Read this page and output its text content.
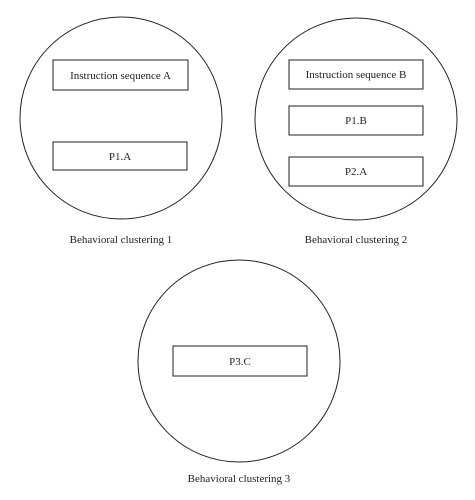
Instruction sequence A
P1.A
Behavioral clustering 1
Instruction sequence B
P1.B
P2.A
Behavioral clustering 2
P3.C
Behavioral clustering 3
